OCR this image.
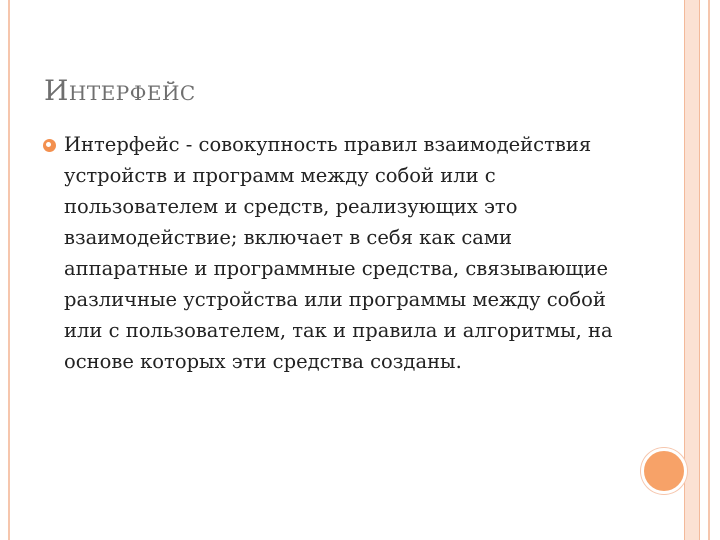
ИНТЕРФЕЙС

Интерфейс - совокупность правил взаимодействия устройств и программ между собой или с пользователем и средств, реализующих это взаимодействие; включает в себя как сами аппаратные и программные средства, связывающие различные устройства или программы между собой или с пользователем, так и правила и алгоритмы, на основе которых эти средства созданы.
